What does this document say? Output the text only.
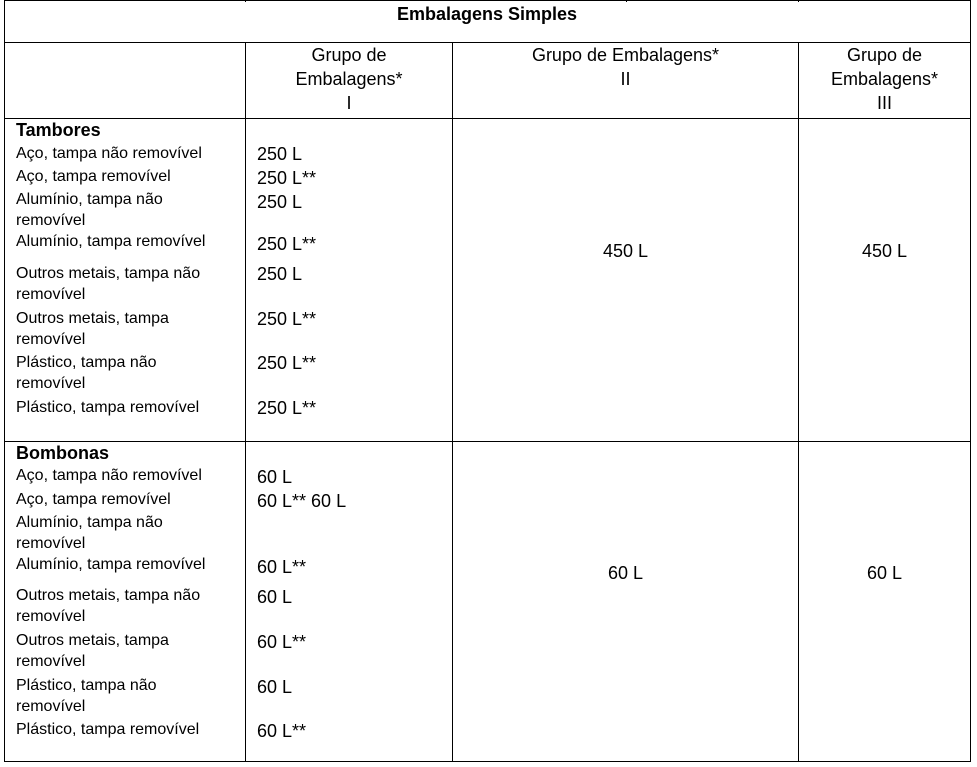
Embalagens Simples
Grupo de
Embalagens*
I
Grupo de Embalagens*
II
Grupo de
Embalagens*
III
Tambores
Aço, tampa não removível
Aço, tampa removível
Alumínio, tampa não removível
Alumínio, tampa removível
Outros metais, tampa não removível
Outros metais, tampa removível
Plástico, tampa não removível
Plástico, tampa removível
250 L
250 L**
250 L
250 L**
250 L
250 L**
250 L**
250 L**
450 L	450 L
Bombonas
Aço, tampa não removível
Aço, tampa removível
Alumínio, tampa não removível
Alumínio, tampa removível
Outros metais, tampa não removível
Outros metais, tampa removível
Plástico, tampa não removível
Plástico, tampa removível
60 L
60 L** 60 L
60 L**
60 L
60 L**
60 L
60 L**
60 L	60 L
